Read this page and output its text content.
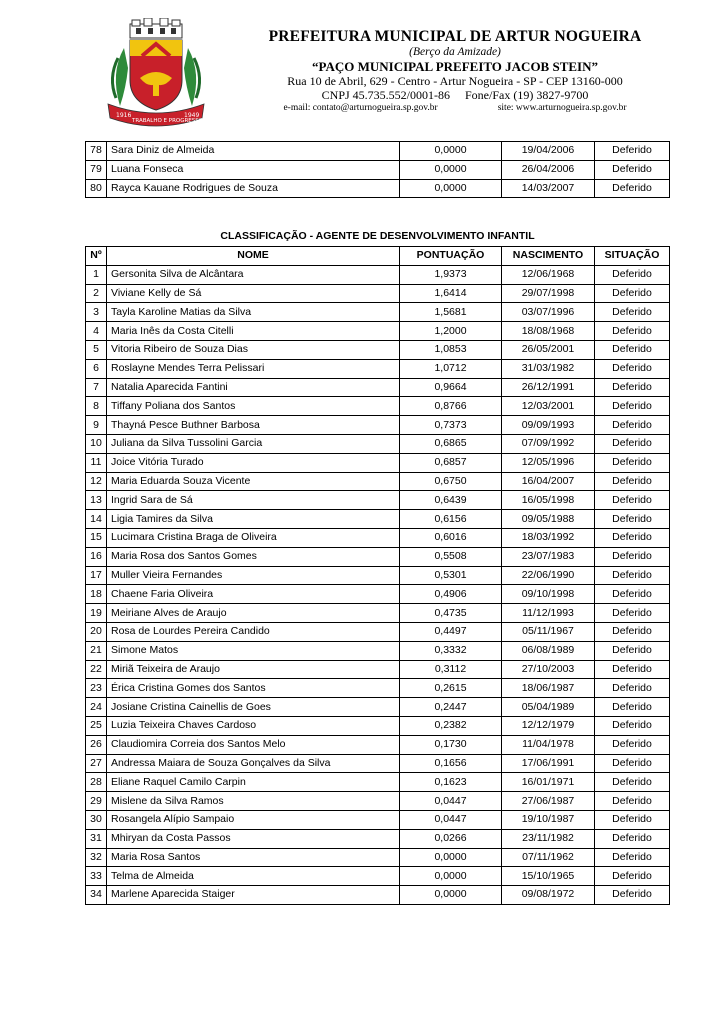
1916
TRABALHO E PROGRESSO
1949
PREFEITURA MUNICIPAL DE ARTUR NOGUEIRA
(Berço da Amizade)
“PAÇO MUNICIPAL PREFEITO JACOB STEIN”
Rua 10 de Abril, 629 - Centro - Artur Nogueira - SP - CEP 13160-000
CNPJ 45.735.552/0001-86     Fone/Fax (19) 3827-9700
e-mail: contato@arturnogueira.sp.gov.br	site: www.arturnogueira.sp.gov.br
78	Sara Diniz de Almeida	0,0000	19/04/2006	Deferido
79	Luana Fonseca	0,0000	26/04/2006	Deferido
80	Rayca Kauane Rodrigues de Souza	0,0000	14/03/2007	Deferido
CLASSIFICAÇÃO - AGENTE DE DESENVOLVIMENTO INFANTIL
Nº	NOME	PONTUAÇÃO	NASCIMENTO	SITUAÇÃO
1	Gersonita Silva de Alcântara	1,9373	12/06/1968	Deferido
2	Viviane Kelly de Sá	1,6414	29/07/1998	Deferido
3	Tayla Karoline Matias da Silva	1,5681	03/07/1996	Deferido
4	Maria Inês da Costa Citelli	1,2000	18/08/1968	Deferido
5	Vitoria Ribeiro de Souza Dias	1,0853	26/05/2001	Deferido
6	Roslayne Mendes Terra Pelissari	1,0712	31/03/1982	Deferido
7	Natalia Aparecida Fantini	0,9664	26/12/1991	Deferido
8	Tiffany Poliana dos Santos	0,8766	12/03/2001	Deferido
9	Thayná Pesce Buthner Barbosa	0,7373	09/09/1993	Deferido
10	Juliana da Silva Tussolini Garcia	0,6865	07/09/1992	Deferido
11	Joice Vitória Turado	0,6857	12/05/1996	Deferido
12	Maria Eduarda Souza Vicente	0,6750	16/04/2007	Deferido
13	Ingrid Sara de Sá	0,6439	16/05/1998	Deferido
14	Ligia Tamires da Silva	0,6156	09/05/1988	Deferido
15	Lucimara Cristina Braga de Oliveira	0,6016	18/03/1992	Deferido
16	Maria Rosa dos Santos Gomes	0,5508	23/07/1983	Deferido
17	Muller Vieira Fernandes	0,5301	22/06/1990	Deferido
18	Chaene Faria Oliveira	0,4906	09/10/1998	Deferido
19	Meiriane Alves de Araujo	0,4735	11/12/1993	Deferido
20	Rosa de Lourdes Pereira Candido	0,4497	05/11/1967	Deferido
21	Simone Matos	0,3332	06/08/1989	Deferido
22	Miriã Teixeira de Araujo	0,3112	27/10/2003	Deferido
23	Érica Cristina Gomes dos Santos	0,2615	18/06/1987	Deferido
24	Josiane Cristina Cainellis de Goes	0,2447	05/04/1989	Deferido
25	Luzia Teixeira Chaves Cardoso	0,2382	12/12/1979	Deferido
26	Claudiomira Correia dos Santos Melo	0,1730	11/04/1978	Deferido
27	Andressa Maiara de Souza Gonçalves da Silva	0,1656	17/06/1991	Deferido
28	Eliane Raquel Camilo Carpin	0,1623	16/01/1971	Deferido
29	Mislene da Silva Ramos	0,0447	27/06/1987	Deferido
30	Rosangela Alípio Sampaio	0,0447	19/10/1987	Deferido
31	Mhiryan da Costa Passos	0,0266	23/11/1982	Deferido
32	Maria Rosa Santos	0,0000	07/11/1962	Deferido
33	Telma de Almeida	0,0000	15/10/1965	Deferido
34	Marlene Aparecida Staiger	0,0000	09/08/1972	Deferido
